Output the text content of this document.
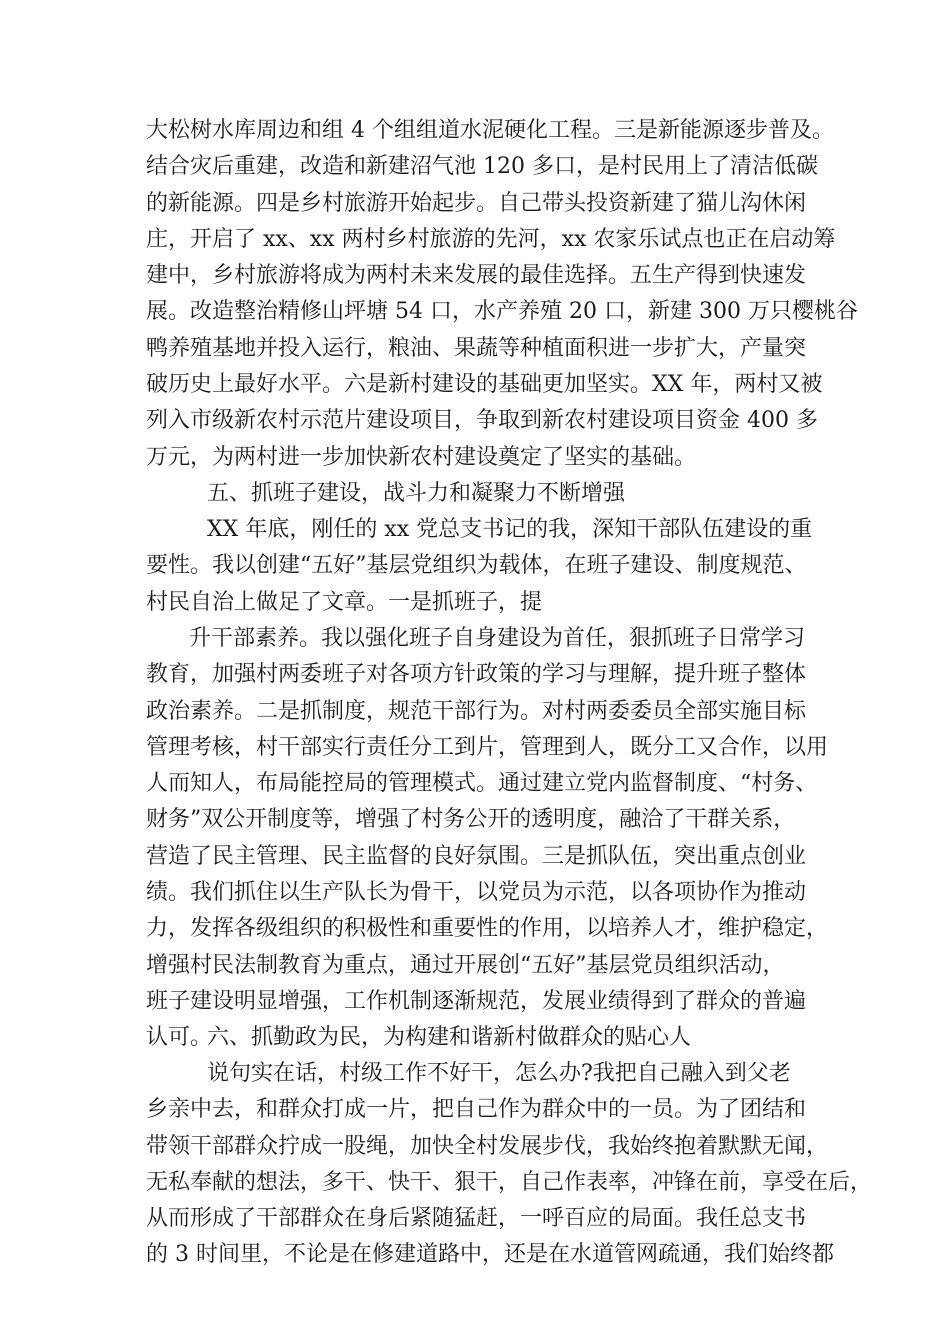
大松树水库周边和组 4 个组组道水泥硬化工程。三是新能源逐步普及。
结合灾后重建，改造和新建沼气池 120 多口，是村民用上了清洁低碳
的新能源。四是乡村旅游开始起步。自己带头投资新建了猫儿沟休闲
庄，开启了 xx、xx 两村乡村旅游的先河，xx 农家乐试点也正在启动筹
建中，乡村旅游将成为两村未来发展的最佳选择。五生产得到快速发
展。改造整治精修山坪塘 54 口，水产养殖 20 口，新建 300 万只樱桃谷
鸭养殖基地并投入运行，粮油、果蔬等种植面积进一步扩大，产量突
破历史上最好水平。六是新村建设的基础更加坚实。XX 年，两村又被
列入市级新农村示范片建设项目，争取到新农村建设项目资金 400 多
万元，为两村进一步加快新农村建设奠定了坚实的基础。
五、抓班子建设，战斗力和凝聚力不断增强
XX 年底，刚任的 xx 党总支书记的我，深知干部队伍建设的重
要性。我以创建“五好”基层党组织为载体，在班子建设、制度规范、
村民自治上做足了文章。一是抓班子，提
升干部素养。我以强化班子自身建设为首任，狠抓班子日常学习
教育，加强村两委班子对各项方针政策的学习与理解，提升班子整体
政治素养。二是抓制度，规范干部行为。对村两委委员全部实施目标
管理考核，村干部实行责任分工到片，管理到人，既分工又合作，以用
人而知人，布局能控局的管理模式。通过建立党内监督制度、“村务、
财务”双公开制度等，增强了村务公开的透明度，融洽了干群关系，
营造了民主管理、民主监督的良好氛围。三是抓队伍，突出重点创业
绩。我们抓住以生产队长为骨干，以党员为示范，以各项协作为推动
力，发挥各级组织的积极性和重要性的作用，以培养人才，维护稳定，
增强村民法制教育为重点，通过开展创“五好”基层党员组织活动，
班子建设明显增强，工作机制逐渐规范，发展业绩得到了群众的普遍
认可。
六、抓勤政为民，为构建和谐新村做群众的贴心人
说句实在话，村级工作不好干，怎么办?我把自己融入到父老
乡亲中去，和群众打成一片，把自己作为群众中的一员。为了团结和
带领干部群众拧成一股绳，加快全村发展步伐，我始终抱着默默无闻，
无私奉献的想法，多干、快干、狠干，自己作表率，冲锋在前，享受在后，
从而形成了干部群众在身后紧随猛赶，一呼百应的局面。我任总支书
的 3 时间里，不论是在修建道路中，还是在水道管网疏通，我们始终都
